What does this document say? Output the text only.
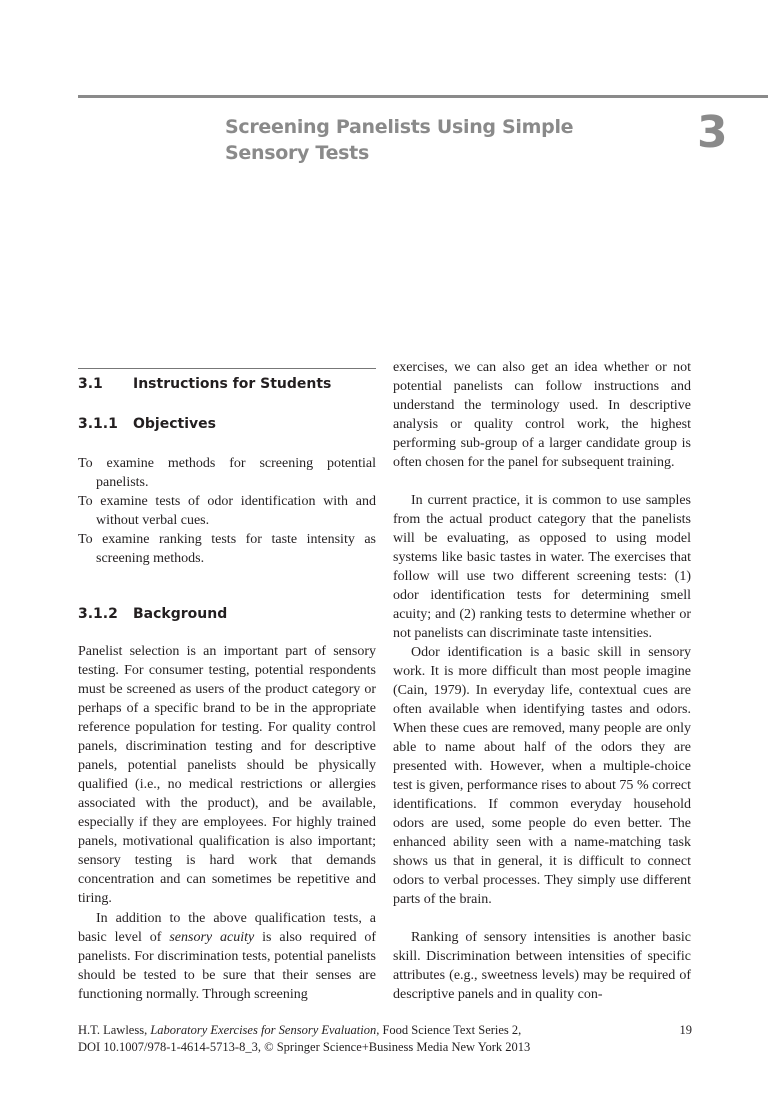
Screening Panelists Using Simple
Sensory Tests	3
3.1 Instructions for Students
3.1.1 Objectives

To examine methods for screening potential panelists.

To examine tests of odor identification with and without verbal cues.

To examine ranking tests for taste intensity as screening methods.

3.1.2 Background

Panelist selection is an important part of sensory testing. For consumer testing, potential respondents must be screened as users of the product category or perhaps of a specific brand to be in the appropriate reference population for testing. For quality control panels, discrimination testing and for descriptive panels, potential panelists should be physically qualified (i.e., no medical restrictions or allergies associated with the product), and be available, especially if they are employees. For highly trained panels, motivational qualification is also important; sensory testing is hard work that demands concentration and can sometimes be repetitive and tiring.

In addition to the above qualification tests, a basic level of sensory acuity is also required of panelists. For discrimination tests, potential panelists should be tested to be sure that their senses are functioning normally. Through screening

exercises, we can also get an idea whether or not potential panelists can follow instructions and understand the terminology used. In descriptive analysis or quality control work, the highest performing sub-group of a larger candidate group is often chosen for the panel for subsequent training.

In current practice, it is common to use samples from the actual product category that the panelists will be evaluating, as opposed to using model systems like basic tastes in water. The exercises that follow will use two different screening tests: (1) odor identification tests for determining smell acuity; and (2) ranking tests to determine whether or not panelists can discriminate taste intensities.

Odor identification is a basic skill in sensory work. It is more difficult than most people imagine (Cain, 1979). In everyday life, contextual cues are often available when identifying tastes and odors. When these cues are removed, many people are only able to name about half of the odors they are presented with. However, when a multiple-choice test is given, performance rises to about 75 % correct identifications. If common everyday household odors are used, some people do even better. The enhanced ability seen with a name-matching task shows us that in general, it is difficult to connect odors to verbal processes. They simply use different parts of the brain.

Ranking of sensory intensities is another basic skill. Discrimination between intensities of specific attributes (e.g., sweetness levels) may be required of descriptive panels and in quality con-

H.T. Lawless, Laboratory Exercises for Sensory Evaluation, Food Science Text Series 2,
DOI 10.1007/978-1-4614-5713-8_3, © Springer Science+Business Media New York 2013
19
